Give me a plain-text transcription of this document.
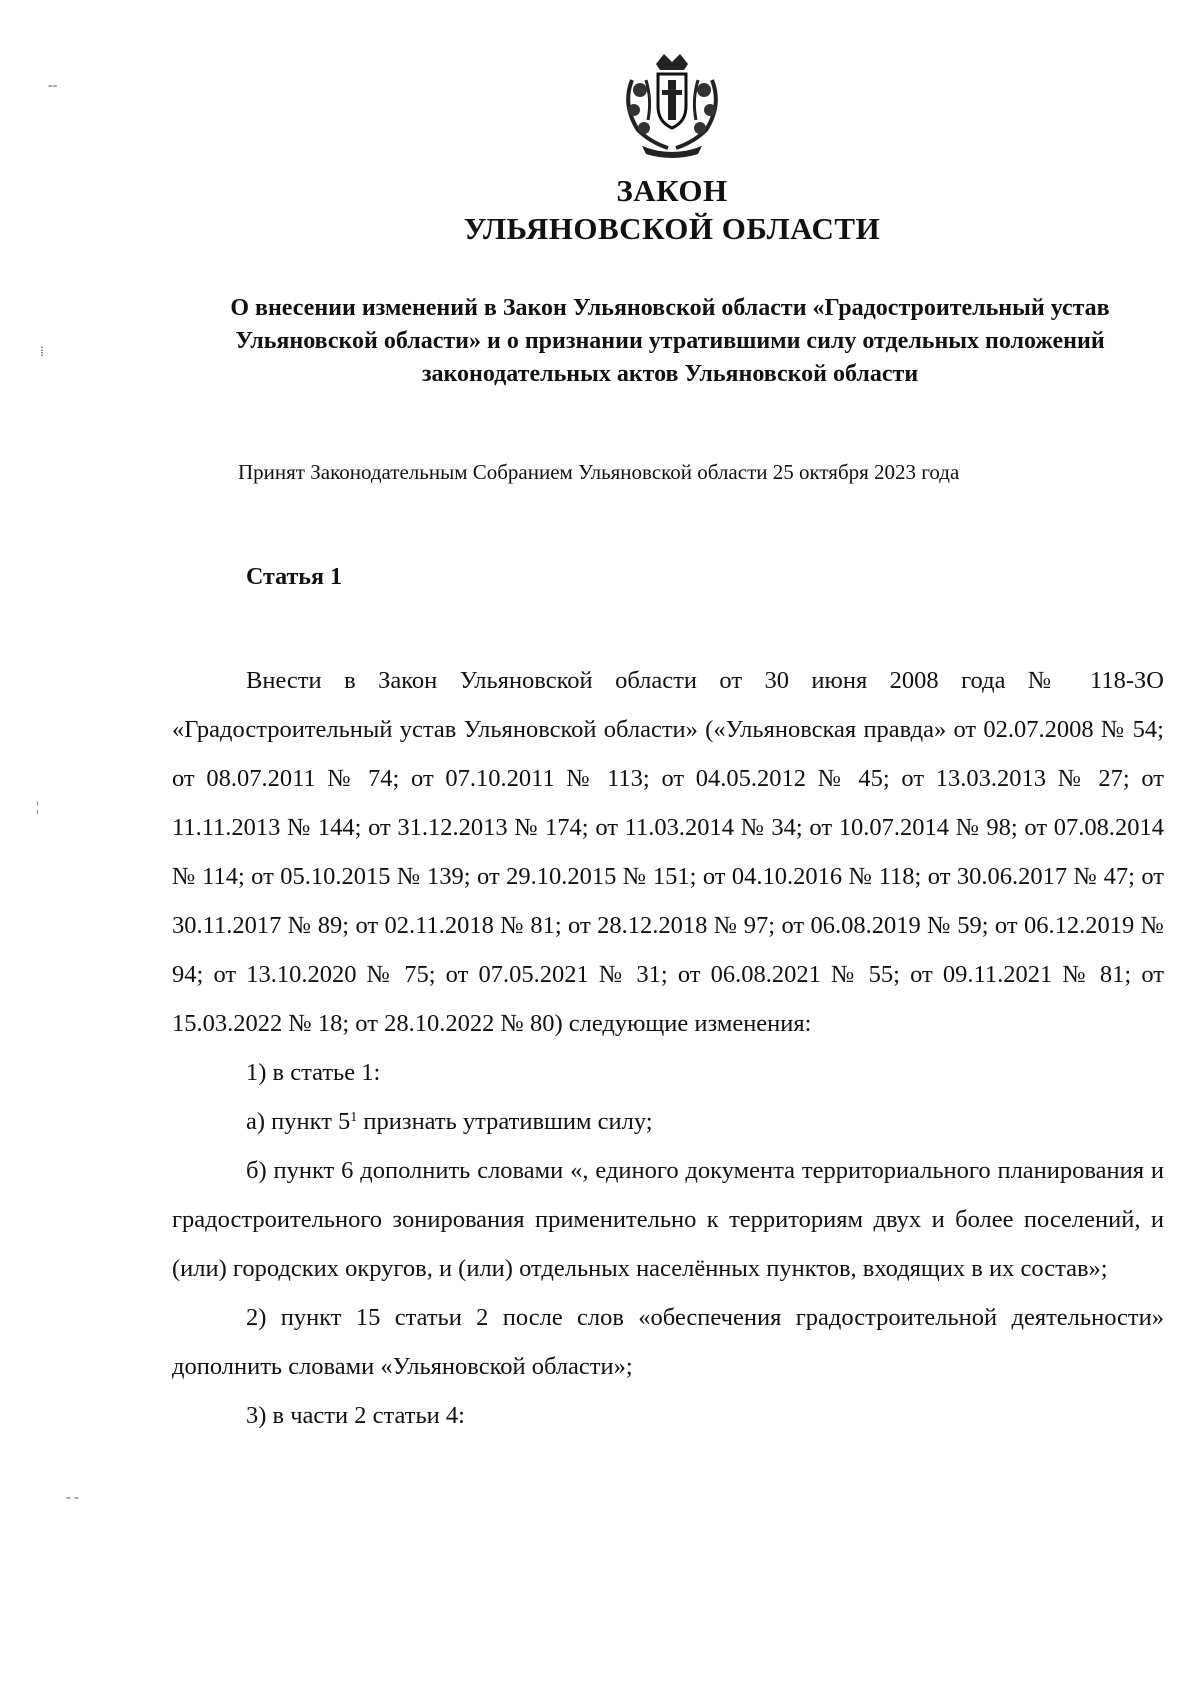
ЗАКОН
УЛЬЯНОВСКОЙ ОБЛАСТИ
О внесении изменений в Закон Ульяновской области «Градостроительный устав Ульяновской области» и о признании утратившими силу отдельных положений законодательных актов Ульяновской области
Принят Законодательным Собранием Ульяновской области 25 октября 2023 года
Статья 1

Внести в Закон Ульяновской области от 30 июня 2008 года № 118-ЗО «Градостроительный устав Ульяновской области» («Ульяновская правда» от 02.07.2008 № 54; от 08.07.2011 № 74; от 07.10.2011 № 113; от 04.05.2012 № 45; от 13.03.2013 № 27; от 11.11.2013 № 144; от 31.12.2013 № 174; от 11.03.2014 № 34; от 10.07.2014 № 98; от 07.08.2014 № 114; от 05.10.2015 № 139; от 29.10.2015 № 151; от 04.10.2016 № 118; от 30.06.2017 № 47; от 30.11.2017 № 89; от 02.11.2018 № 81; от 28.12.2018 № 97; от 06.08.2019 № 59; от 06.12.2019 № 94; от 13.10.2020 № 75; от 07.05.2021 № 31; от 06.08.2021 № 55; от 09.11.2021 № 81; от 15.03.2022 № 18; от 28.10.2022 № 80) следующие изменения:

1) в статье 1:

а) пункт $5^1$ признать утратившим силу;

б) пункт 6 дополнить словами «, единого документа территориального планирования и градостроительного зонирования применительно к территориям двух и более поселений, и (или) городских округов, и (или) отдельных населённых пунктов, входящих в их состав»;

2) пункт 15 статьи 2 после слов «обеспечения градостроительной деятельности» дополнить словами «Ульяновской области»;

3) в части 2 статьи 4:

‐‐
⁞
¦
‐ ‐
